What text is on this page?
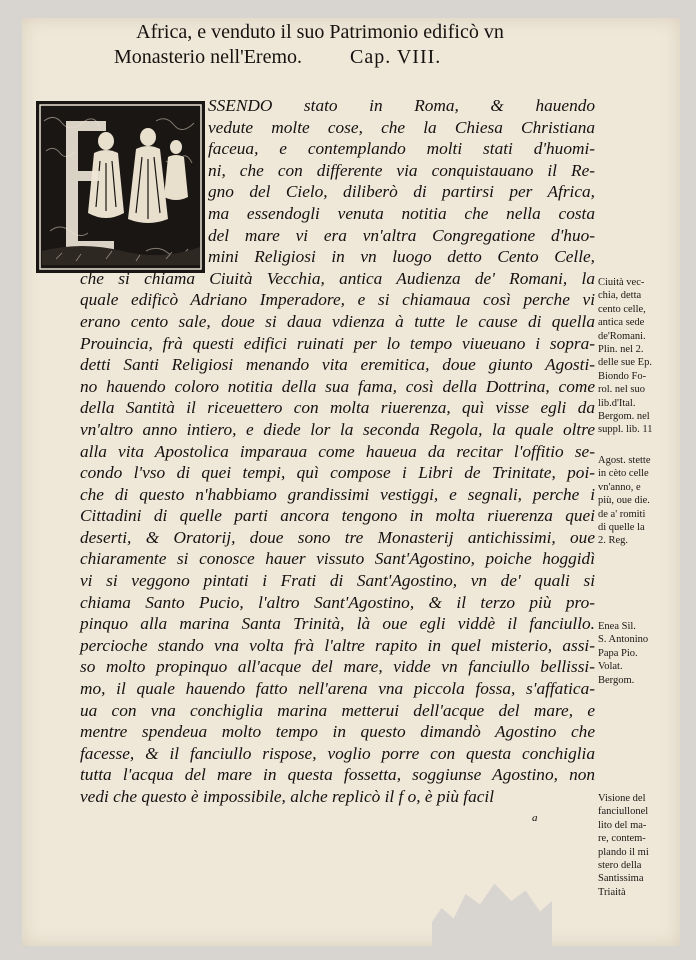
Africa, e venduto il suo Patrimonio edificò vn
Monasterio nell'Eremo. Cap. VIII.
SSENDO stato in Roma, & hauendo
vedute molte cose, che la Chiesa Christiana
faceua, e contemplando molti stati d'huomi-
ni, che con differente via conquistauano il Re-
gno del Cielo, diliberò di partirsi per Africa,
ma essendogli venuta notitia che nella costa
del mare vi era vn'altra Congregatione d'huo-
mini Religiosi in vn luogo detto Cento Celle,
che si chiama Ciuità Vecchia, antica Audienza de' Romani, la
quale edificò Adriano Imperadore, e si chiamaua così perche vi
erano cento sale, doue si daua vdienza à tutte le cause di quella
Prouincia, frà questi edifici ruinati per lo tempo viueuano i sopra-
detti Santi Religiosi menando vita eremitica, doue giunto Agosti-
no hauendo coloro notitia della sua fama, così della Dottrina, come
della Santità il riceuettero con molta riuerenza, quì visse egli da
vn'altro anno intiero, e diede lor la seconda Regola, la quale oltre
alla vita Apostolica imparaua come haueua da recitar l'offitio se-
condo l'vso di quei tempi, quì compose i Libri de Trinitate, poi-
che di questo n'habbiamo grandissimi vestiggi, e segnali, perche i
Cittadini di quelle parti ancora tengono in molta riuerenza quei
deserti, & Oratorij, doue sono tre Monasterij antichissimi, oue
chiaramente si conosce hauer vissuto Sant'Agostino, poiche hoggidì
vi si veggono pintati i Frati di Sant'Agostino, vn de' quali si
chiama Santo Pucio, l'altro Sant'Agostino, & il terzo più pro-
pinquo alla marina Santa Trinità, là oue egli viddè il fanciullo.
percioche stando vna volta frà l'altre rapito in quel misterio, assi-
so molto propinquo all'acque del mare, vidde vn fanciullo bellissi-
mo, il quale hauendo fatto nell'arena vna piccola fossa, s'affatica-
ua con vna conchiglia marina metterui dell'acque del mare, e
mentre spendeua molto tempo in questo dimandò Agostino che
facesse, & il fanciullo rispose, voglio porre con questa conchiglia
tutta l'acqua del mare in questa fossetta, soggiunse Agostino, non
vedi che questo è impossibile, alche replicò il f o, è più facil
a
Ciuità vec-
chia, detta
cento celle,
antica sede
de'Romani.
Plin. nel 2.
delle sue Ep.
Biondo Fo-
rol. nel suo
lib.d'Ital.
Bergom. nel
suppl. lib. 11
Agost. stette
in cèto celle
vn'anno, e
più, oue die.
de a' romiti
di quelle la
2. Reg.
Enea Sil.
S. Antonino
Papa Pio.
Volat.
Bergom.
Visione del
fanciullonel
lito del ma-
re, contem-
plando il mi
stero della
Santissima
Triaità
